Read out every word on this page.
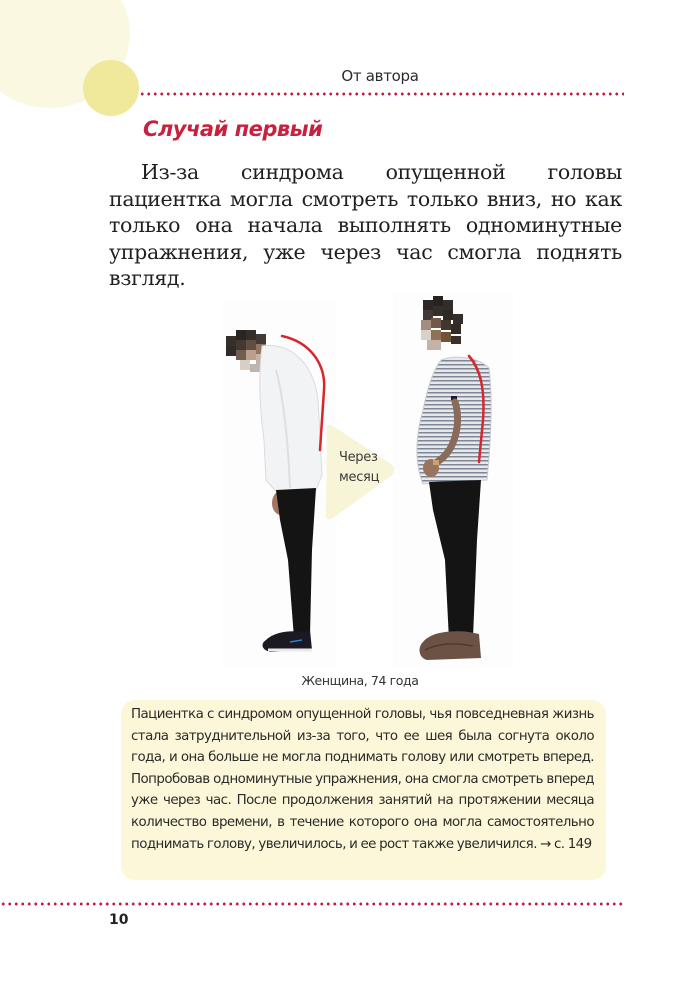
От автора
Случай первый
Из-за синдрома опущенной головы пациентка могла смотреть только вниз, но как только она начала выполнять одноминутные упражнения, уже через час смогла поднять взгляд.
Через
месяц
Женщина, 74 года
Пациентка с синдромом опущенной головы, чья повседневная жизнь стала затруднительной из-за того, что ее шея была согнута около года, и она больше не могла поднимать голову или смотреть вперед. Попробовав одноминутные упражнения, она смогла смотреть вперед уже через час. После продолжения занятий на протяжении месяца количество времени, в течение которого она могла самостоятельно поднимать голову, увеличилось, и ее рост также увеличился. → с. 149
10
